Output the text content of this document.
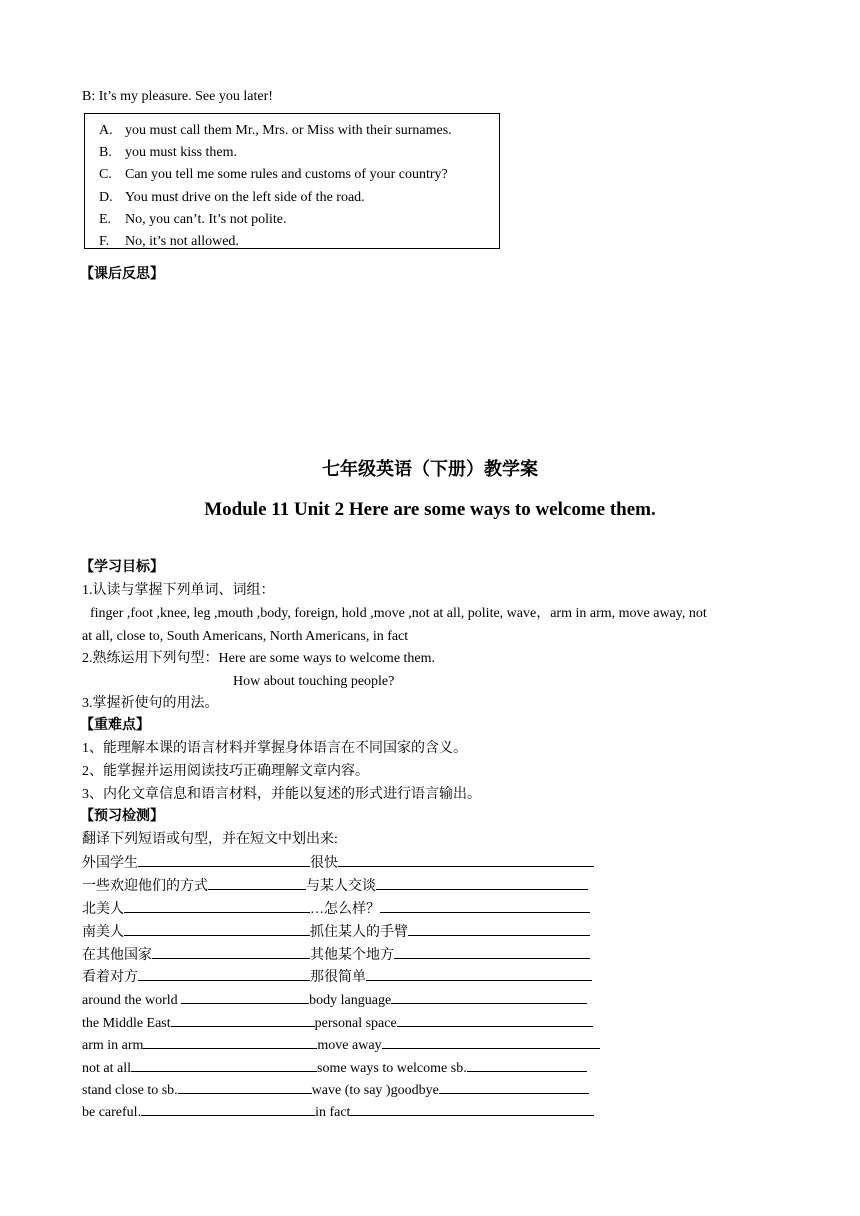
B: It’s my pleasure. See you later!
A. you must call them Mr., Mrs. or Miss with their surnames.
B. you must kiss them.
C. Can you tell me some rules and customs of your country?
D. You must drive on the left side of the road.
E. No, you can’t. It’s not polite.
F. No, it’s not allowed.
【课后反思】
七年级英语（下册）教学案
Module 11 Unit 2 Here are some ways to welcome them.
【学习目标】
1.认读与掌握下列单词、词组：
finger ,foot ,knee, leg ,mouth ,body, foreign, hold ,move ,not at all, polite, wave，arm in arm, move away, not
at all, close to, South Americans, North Americans, in fact
2.熟练运用下列句型：Here are some ways to welcome them.
How about touching people?
3.掌握祈使句的用法。
【重难点】
1、能理解本课的语言材料并掌握身体语言在不同国家的含义。
2、能掌握并运用阅读技巧正确理解文章内容。
3、内化文章信息和语言材料，并能以复述的形式进行语言输出。
【预习检测】
翻译下列短语或句型，并在短文中划出来:
外国学生	很快
一些欢迎他们的方式	与某人交谈
北美人	…怎么样？
南美人	抓住某人的手臂
在其他国家	其他某个地方
看着对方	那很简单
around the world	body language
the Middle East	personal space
arm in arm	move away
not at all	some ways to welcome sb.
stand close to sb.	wave (to say )goodbye
be careful.	in fact
